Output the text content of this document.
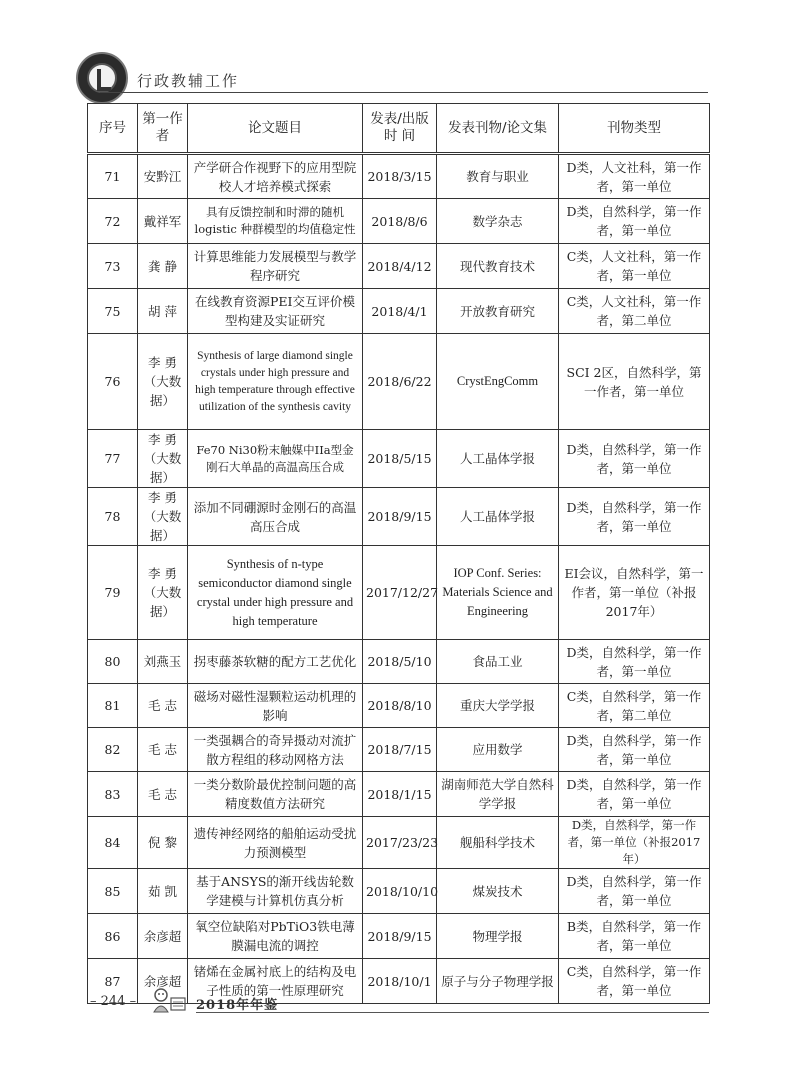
行政教辅工作
序号	第一作者	论文题目	发表/出版时 间	发表刊物/论文集	刊物类型
71	安黔江	产学研合作视野下的应用型院校人才培养模式探索	2018/3/15	教育与职业	D类，人文社科，第一作者，第一单位
72	戴祥军	具有反馈控制和时滞的随机logistic 种群模型的均值稳定性	2018/8/6	数学杂志	D类，自然科学，第一作者，第一单位
73	龚 静	计算思维能力发展模型与教学程序研究	2018/4/12	现代教育技术	C类，人文社科，第一作者，第一单位
75	胡 萍	在线教育资源PEI交互评价模型构建及实证研究	2018/4/1	开放教育研究	C类，人文社科，第一作者，第二单位
76	李 勇（大数据）	Synthesis of large diamond single crystals under high pressure and high temperature through effective utilization of the synthesis cavity	2018/6/22	CrystEngComm	SCI 2区，自然科学，第一作者，第一单位
77	李 勇（大数据）	Fe70 Ni30粉末触媒中IIa型金刚石大单晶的高温高压合成	2018/5/15	人工晶体学报	D类，自然科学，第一作者，第一单位
78	李 勇（大数据）	添加不同硼源时金刚石的高温高压合成	2018/9/15	人工晶体学报	D类，自然科学，第一作者，第一单位
79	李 勇（大数据）	Synthesis of n-type semiconductor diamond single crystal under high pressure and high temperature	2017/12/27	IOP Conf. Series: Materials Science and Engineering	EI会议，自然科学，第一作者，第一单位（补报2017年）
80	刘燕玉	拐枣藤茶软糖的配方工艺优化	2018/5/10	食品工业	D类，自然科学，第一作者，第一单位
81	毛 志	磁场对磁性湿颗粒运动机理的影响	2018/8/10	重庆大学学报	C类，自然科学，第一作者，第二单位
82	毛 志	一类强耦合的奇异摄动对流扩散方程组的移动网格方法	2018/7/15	应用数学	D类，自然科学，第一作者，第一单位
83	毛 志	一类分数阶最优控制问题的高精度数值方法研究	2018/1/15	湖南师范大学自然科学学报	D类，自然科学，第一作者，第一单位
84	倪 黎	遗传神经网络的船舶运动受扰力预测模型	2017/23/23	舰船科学技术	D类，自然科学，第一作者，第一单位（补报2017年）
85	茹 凯	基于ANSYS的渐开线齿轮数学建模与计算机仿真分析	2018/10/10	煤炭技术	D类，自然科学，第一作者，第一单位
86	余彦超	氧空位缺陷对PbTiO3铁电薄膜漏电流的调控	2018/9/15	物理学报	B类，自然科学，第一作者，第一单位
87	余彦超	锗烯在金属衬底上的结构及电子性质的第一性原理研究	2018/10/1	原子与分子物理学报	C类，自然科学，第一作者，第一单位
– 244 –	2018年年鉴
